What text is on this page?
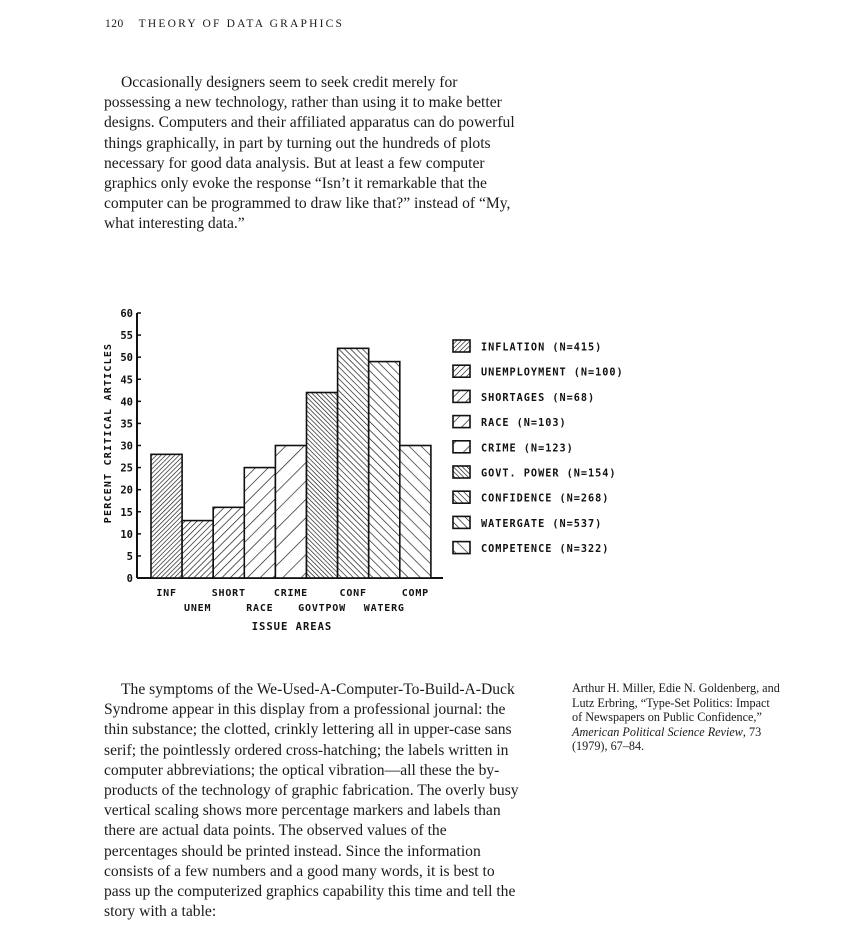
120 THEORY OF DATA GRAPHICS

Occasionally designers seem to seek credit merely for possessing a new technology, rather than using it to make better designs. Computers and their affiliated apparatus can do powerful things graphically, in part by turning out the hundreds of plots necessary for good data analysis. But at least a few computer graphics only evoke the response “Isn’t it remarkable that the computer can be programmed to draw like that?” instead of “My, what interesting data.”

0
5
10
15
20
25
30
35
40
45
50
55
60
INF
UNEM
SHORT
RACE
CRIME
GOVTPOW
CONF
WATERG
COMP
INFLATION (N=415)
UNEMPLOYMENT (N=100)
SHORTAGES (N=68)
RACE (N=103)
CRIME (N=123)
GOVT. POWER (N=154)
CONFIDENCE (N=268)
WATERGATE (N=537)
COMPETENCE (N=322)
PERCENT CRITICAL ARTICLES
ISSUE AREAS

The symptoms of the We-Used-A-Computer-To-Build-A-Duck Syndrome appear in this display from a professional journal: the thin substance; the clotted, crinkly lettering all in upper-case sans serif; the pointlessly ordered cross-hatching; the labels written in computer abbreviations; the optical vibration—all these the by-products of the technology of graphic fabrication. The overly busy vertical scaling shows more percentage markers and labels than there are actual data points. The observed values of the percentages should be printed instead. Since the information consists of a few numbers and a good many words, it is best to pass up the computerized graphics capability this time and tell the story with a table:

Arthur H. Miller, Edie N. Goldenberg, and Lutz Erbring, “Type-Set Politics: Impact of Newspapers on Public Confidence,” American Political Science Review, 73 (1979), 67–84.
